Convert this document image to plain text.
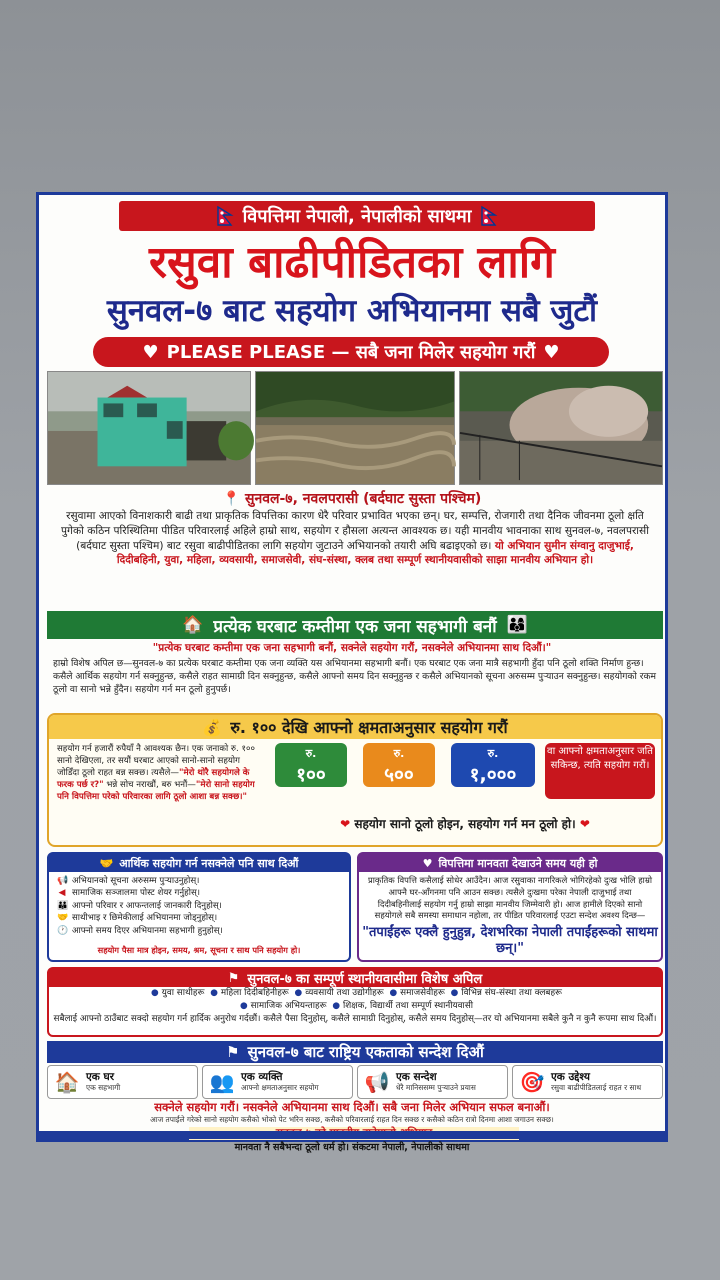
विपत्तिमा नेपाली, नेपालीको साथमा
रसुवा बाढीपीडितका लागि
सुनवल-७ बाट सहयोग अभियानमा सबै जुटौं
♥ PLEASE PLEASE — सबै जना मिलेर सहयोग गरौं ♥
📍 सुनवल-७, नवलपरासी (बर्दघाट सुस्ता पश्चिम)
रसुवामा आएको विनाशकारी बाढी तथा प्राकृतिक विपत्तिका कारण धेरै परिवार प्रभावित भएका छन्। घर, सम्पत्ति, रोजगारी तथा दैनिक जीवनमा ठूलो क्षति पुगेको कठिन परिस्थितिमा पीडित परिवारलाई अहिले हाम्रो साथ, सहयोग र हौसला अत्यन्त आवश्यक छ। यही मानवीय भावनाका साथ सुनवल-७, नवलपरासी (बर्दघाट सुस्ता पश्चिम) बाट रसुवा बाढीपीडितका लागि सहयोग जुटाउने अभियानको तयारी अघि बढाइएको छ। यो अभियान सुमीन संग्वानु दाजुभाई, दिदीबहिनी, युवा, महिला, व्यवसायी, समाजसेवी, संघ-संस्था, क्लब तथा सम्पूर्ण स्थानीयवासीको साझा मानवीय अभियान हो।
🏠 प्रत्येक घरबाट कम्तीमा एक जना सहभागी बनौं 👨‍👩‍👦
"प्रत्येक घरबाट कम्तीमा एक जना सहभागी बनौं, सक्नेले सहयोग गरौं, नसक्नेले अभियानमा साथ दिऔं।"
हाम्रो विशेष अपिल छ—सुनवल-७ का प्रत्येक घरबाट कम्तीमा एक जना व्यक्ति यस अभियानमा सहभागी बनौं। एक घरबाट एक जना मात्रै सहभागी हुँदा पनि ठूलो शक्ति निर्माण हुन्छ। कसैले आर्थिक सहयोग गर्न सक्नुहुन्छ, कसैले राहत सामाग्री दिन सक्नुहुन्छ, कसैले आफ्नो समय दिन सक्नुहुन्छ र कसैले अभियानको सूचना अरुसम्म पुऱ्याउन सक्नुहुन्छ। सहयोगको रकम ठूलो वा सानो भन्ने हुँदैन। सहयोग गर्न मन ठूलो हुनुपर्छ।
💰 रु. १०० देखि आफ्नो क्षमताअनुसार सहयोग गरौं
सहयोग गर्न हजारौं रुपैयाँ नै आवश्यक छैन। एक जनाको रु. १०० सानो देखिएला, तर सयौं घरबाट आएको सानो-सानो सहयोग जोडिँदा ठूलो राहत बन्न सक्छ। त्यसैले—"मेरो थोरै सहयोगले के फरक पर्छ र?" भन्ने सोच नराखौं, बरु भनौं—"मेरो सानो सहयोग पनि विपत्तिमा परेको परिवारका लागि ठूलो आशा बन्न सक्छ।"
रु.
१००
रु.
५००
रु.
१,०००
वा आफ्नो क्षमताअनुसार जति सकिन्छ, त्यति सहयोग गरौं।
❤ सहयोग सानो ठूलो होइन, सहयोग गर्न मन ठूलो हो। ❤
🤝 आर्थिक सहयोग गर्न नसक्नेले पनि साथ दिऔं
📢 अभियानको सूचना अरुसम्म पुऱ्याउनुहोस्।
◀ सामाजिक सञ्जालमा पोस्ट शेयर गर्नुहोस्।
👪 आफ्नो परिवार र आफन्तलाई जानकारी दिनुहोस्।
🤝 साथीभाइ र छिमेकीलाई अभियानमा जोड्नुहोस्।
🕐 आफ्नो समय दिएर अभियानमा सहभागी हुनुहोस्।
सहयोग पैसा मात्र होइन, समय, श्रम, सूचना र साथ पनि सहयोग हो।
♥ विपत्तिमा मानवता देखाउने समय यही हो
प्राकृतिक विपत्ति कसैलाई सोधेर आउँदैन। आज रसुवाका नागरिकले भोगिरहेको दुःख भोलि हाम्रो आफ्नै घर-आँगनमा पनि आउन सक्छ। त्यसैले दुःखमा परेका नेपाली दाजुभाई तथा दिदीबहिनीलाई सहयोग गर्नु हाम्रो साझा मानवीय जिम्मेवारी हो। आज हामीले दिएको सानो सहयोगले सबै समस्या समाधान नहोला, तर पीडित परिवारलाई एउटा सन्देश अवश्य दिन्छ—
"तपाईंहरू एक्लै हुनुहुन्न, देशभरिका नेपाली तपाईंहरूको साथमा छन्।"
⚑ सुनवल-७ का सम्पूर्ण स्थानीयवासीमा विशेष अपिल
● युवा साथीहरू ● महिला दिदीबहिनीहरू ● व्यवसायी तथा उद्योगीहरू ● समाजसेवीहरू ● विभिन्न संघ-संस्था तथा क्लबहरू
● सामाजिक अभियन्ताहरू ● शिक्षक, विद्यार्थी तथा सम्पूर्ण स्थानीयवासी
सबैलाई आफ्नो ठाउँबाट सक्दो सहयोग गर्न हार्दिक अनुरोध गर्दछौं। कसैले पैसा दिनुहोस्, कसैले सामाग्री दिनुहोस्, कसैले समय दिनुहोस्—तर यो अभियानमा सबैले कुनै न कुनै रूपमा साथ दिऔं।
⚑ सुनवल-७ बाट राष्ट्रिय एकताको सन्देश दिऔं
🏠 एक घर
एक सहभागी	👥 एक व्यक्ति
आफ्नो क्षमताअनुसार सहयोग 📢 एक सन्देश
धेरै मानिससम्म पुऱ्याउने प्रयास 🎯 एक उद्देश्य
रसुवा बाढीपीडितलाई राहत र साथ
सक्नेले सहयोग गरौं। नसक्नेले अभियानमा साथ दिऔं। सबै जना मिलेर अभियान सफल बनाऔं।
आज तपाईंले गरेको सानो सहयोग कसैको भोको पेट भरिन सक्छ, कसैको परिवारलाई राहत दिन सक्छ र कसैको कठिन रात्रो दिनमा आशा जगाउन सक्छ।
मानवता नै सबैभन्दा ठूलो धर्म हो। संकटमा नेपाली, नेपालीको साथमा
